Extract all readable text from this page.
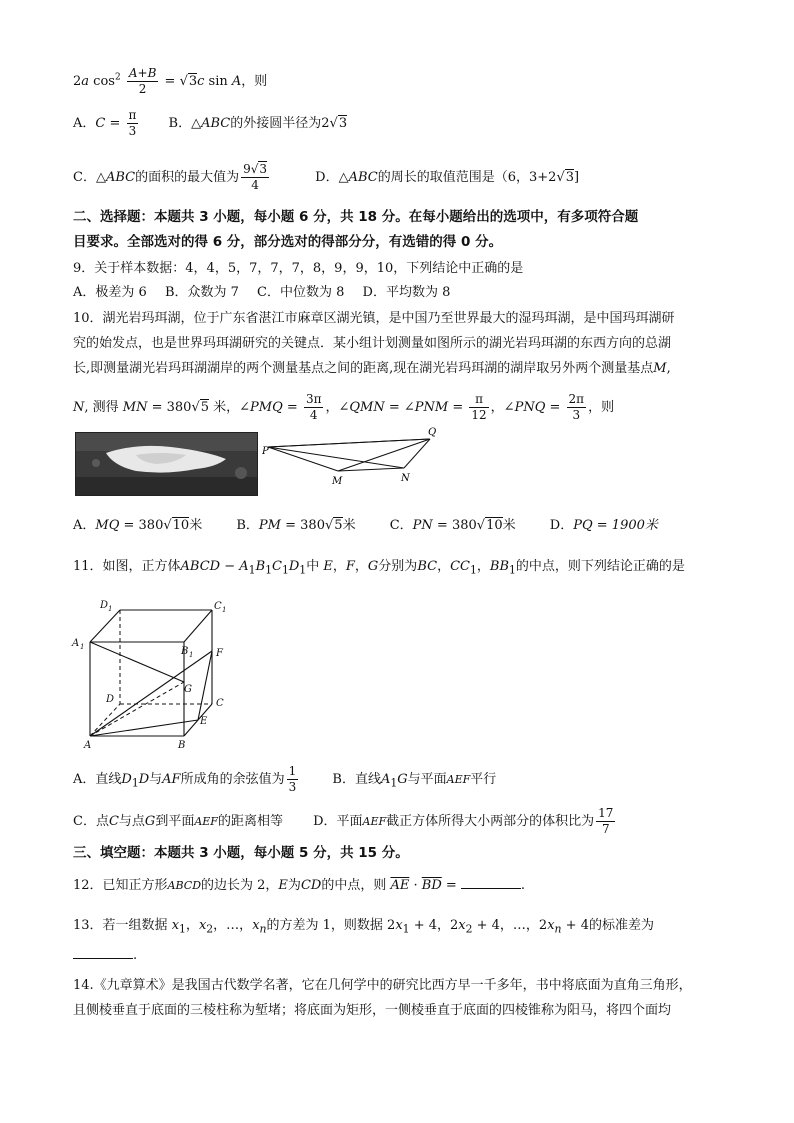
2a $\cos^2 \frac{A+B}{2} = √3c$ sin A，则
A．$C = \frac{\pi}{3}$ B．△ABC的外接圆半径为2√3
C．△ABC的面积的最大值为 $\frac{9√3}{4}$	D．△ABC的周长的取值范围是（6，3+2√3]
二、选择题：本题共 3 小题，每小题 6 分，共 18 分。在每小题给出的选项中，有多项符合题
目要求。全部选对的得 6 分，部分选对的得部分分，有选错的得 0 分。
9．关于样本数据：4，4，5，7，7，7，8，9，9，10，下列结论中正确的是
A．极差为 6 B．众数为 7 C．中位数为 8 D．平均数为 8
10．湖光岩玛珥湖，位于广东省湛江市麻章区湖光镇，是中国乃至世界最大的湿玛珥湖，是中国玛珥湖研
究的始发点，也是世界玛珥湖研究的关键点．某小组计划测量如图所示的湖光岩玛珥湖的东西方向的总湖
长,即测量湖光岩玛珥湖湖岸的两个测量基点之间的距离,现在湖光岩玛珥湖的湖岸取另外两个测量基点M,
N, 测得 MN = 380√5 米，∠PMQ = $\frac{3\pi}{4}$ ，∠QMN = ∠PNM = $\frac{\pi}{12}$ ，∠PNQ = $\frac{2\pi}{3}$ ，则
P
Q
M	N
A．MQ = 380√10米	B．PM = 380√5米	C．PN = 380√10米	D．PQ = 1900米
11．如图，正方体ABCD − $A_1B_1C_1D_1$中 E，F，G分别为BC，$CC_1$，$BB_1$的中点，则下列结论正确的是
D 1	C 1
A 1	B 1 F
G
D	C
E
A	B
A．直线$D_1D$与AF所成角的余弦值为 $\frac{1}{3}$	B．直线$A_1G$与平面AEF平行
C．点C与点G到平面AEF的距离相等 D．平面AEF截正方体所得大小两部分的体积比为 $\frac{17}{7}$
三、填空题：本题共 3 小题，每小题 5 分，共 15 分。
12．已知正方形ABCD的边长为 2，E为CD的中点，则 $\overline{AE} \cdot \overline{BD}$ =	.
13．若一组数据 $x_1$，$x_2$，…，$x_n$的方差为 1，则数据 $2x_1 + 4$，$2x_2 + 4$，…，$2x_n + 4$的标准差为
.
14.《九章算术》是我国古代数学名著，它在几何学中的研究比西方早一千多年，书中将底面为直角三角形，
且侧棱垂直于底面的三棱柱称为堑堵；将底面为矩形，一侧棱垂直于底面的四棱锥称为阳马，将四个面均
